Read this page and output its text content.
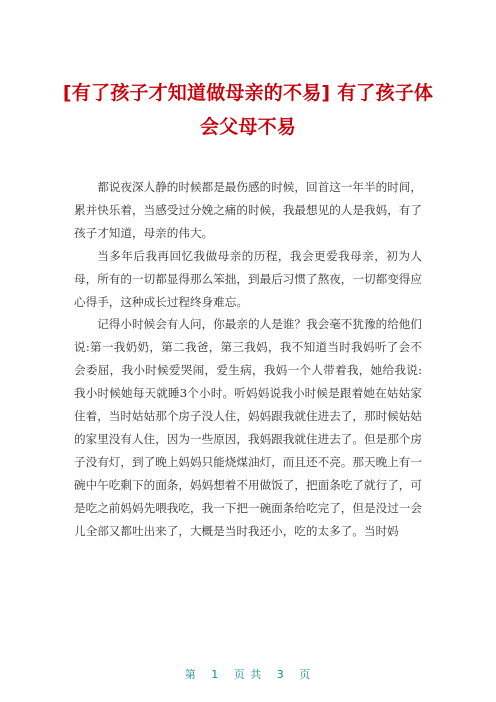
[有了孩子才知道做母亲的不易] 有了孩子体会父母不易

都说夜深人静的时候都是最伤感的时候，回首这一年半的时间，累并快乐着，当感受过分娩之痛的时候，我最想见的人是我妈，有了孩子才知道，母亲的伟大。

当多年后我再回忆我做母亲的历程，我会更爱我母亲，初为人母，所有的一切都显得那么笨拙，到最后习惯了熬夜，一切都变得应心得手，这种成长过程终身难忘。

记得小时候会有人问，你最亲的人是谁？我会毫不犹豫的给他们说:第一我奶奶，第二我爸，第三我妈，我不知道当时我妈听了会不会委屈，我小时候爱哭闹，爱生病，我妈一个人带着我，她给我说:我小时候她每天就睡3个小时。听妈妈说我小时候是跟着她在姑姑家住着，当时姑姑那个房子没人住，妈妈跟我就住进去了，那时候姑姑的家里没有人住，因为一些原因，我妈跟我就住进去了。但是那个房子没有灯，到了晚上妈妈只能烧煤油灯，而且还不亮。那天晚上有一碗中午吃剩下的面条，妈妈想着不用做饭了，把面条吃了就行了，可是吃之前妈妈先喂我吃，我一下把一碗面条给吃完了，但是没过一会儿全部又都吐出来了，大概是当时我还小，吃的太多了。当时妈

第 1 页 共 3 页
